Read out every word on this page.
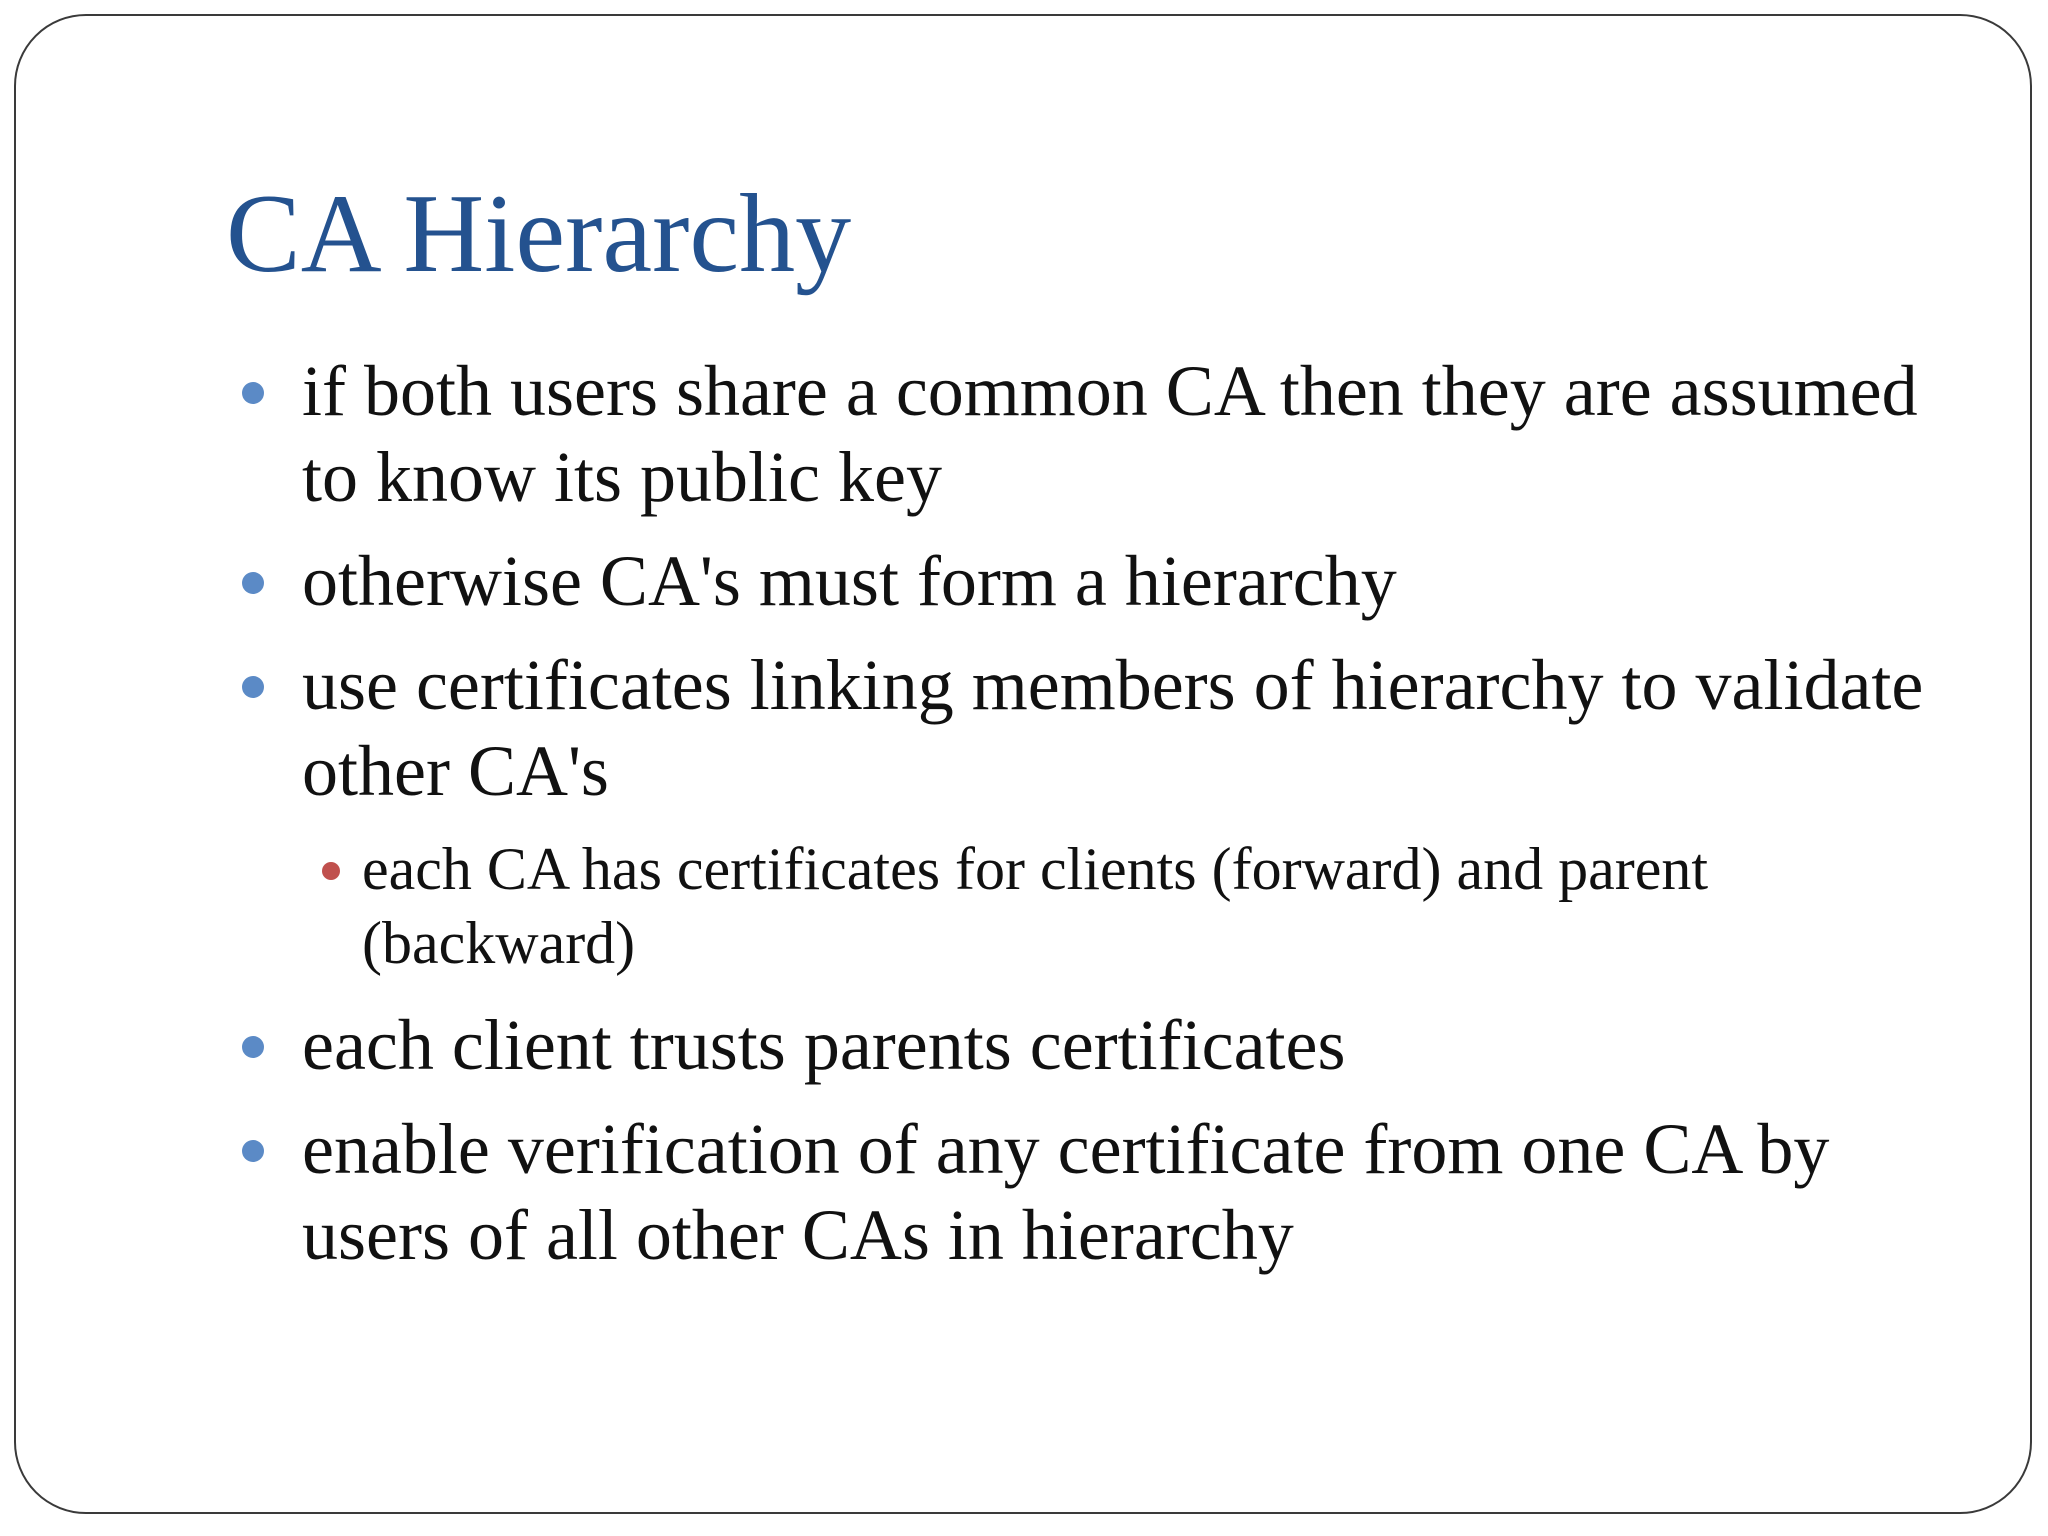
CA Hierarchy
if both users share a common CA then they are assumed to know its public key
otherwise CA's must form a hierarchy
use certificates linking members of hierarchy to validate other CA's
each CA has certificates for clients (forward) and parent (backward)
each client trusts parents certificates
enable verification of any certificate from one CA by users of all other CAs in hierarchy
